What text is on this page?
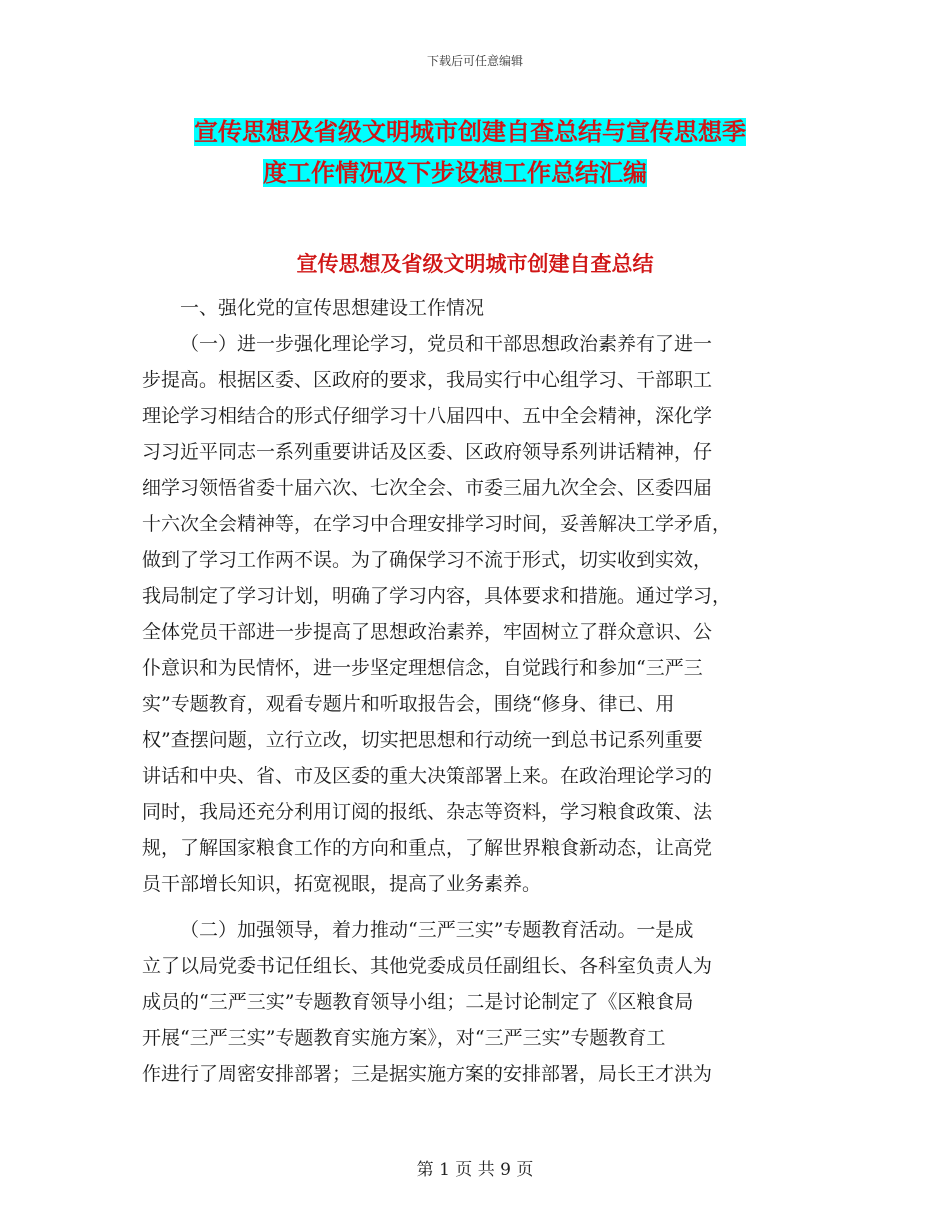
下载后可任意编辑
宣传思想及省级文明城市创建自查总结与宣传思想季
度工作情况及下步设想工作总结汇编
宣传思想及省级文明城市创建自查总结
一、强化党的宣传思想建设工作情况
（一）进一步强化理论学习，党员和干部思想政治素养有了进一
步提高。根据区委、区政府的要求，我局实行中心组学习、干部职工
理论学习相结合的形式仔细学习十八届四中、五中全会精神，深化学
习习近平同志一系列重要讲话及区委、区政府领导系列讲话精神，仔
细学习领悟省委十届六次、七次全会、市委三届九次全会、区委四届
十六次全会精神等，在学习中合理安排学习时间，妥善解决工学矛盾，
做到了学习工作两不误。为了确保学习不流于形式，切实收到实效，
我局制定了学习计划，明确了学习内容，具体要求和措施。通过学习，
全体党员干部进一步提高了思想政治素养，牢固树立了群众意识、公
仆意识和为民情怀，进一步坚定理想信念，自觉践行和参加“三严三
实”专题教育，观看专题片和听取报告会，围绕“修身、律已、用
权”查摆问题，立行立改，切实把思想和行动统一到总书记系列重要
讲话和中央、省、市及区委的重大决策部署上来。在政治理论学习的
同时，我局还充分利用订阅的报纸、杂志等资料，学习粮食政策、法
规，了解国家粮食工作的方向和重点，了解世界粮食新动态，让高党
员干部增长知识，拓宽视眼，提高了业务素养。
（二）加强领导，着力推动“三严三实”专题教育活动。一是成
立了以局党委书记任组长、其他党委成员任副组长、各科室负责人为
成员的“三严三实”专题教育领导小组；二是讨论制定了《区粮食局
开展“三严三实”专题教育实施方案》，对“三严三实”专题教育工
作进行了周密安排部署；三是据实施方案的安排部署，局长王才洪为
第 1 页 共 9 页
